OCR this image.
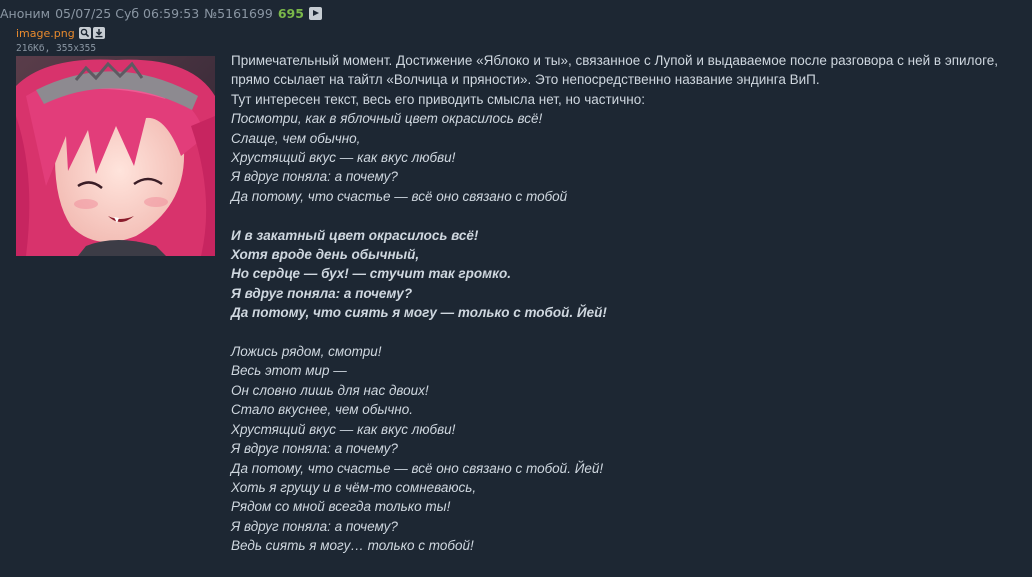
Аноним 05/07/25 Суб 06:59:53 №5161699 695
image.png
216Кб, 355x355

Примечательный момент. Достижение «Яблоко и ты», связанное с Лупой и выдаваемое после разговора с ней в эпилоге, прямо ссылает на тайтл «Волчица и пряности». Это непосредственно название эндинга ВиП.

Тут интересен текст, весь его приводить смысла нет, но частично:

Посмотри, как в яблочный цвет окрасилось всё!
Слаще, чем обычно,
Хрустящий вкус — как вкус любви!
Я вдруг поняла: а почему?
Да потому, что счастье — всё оно связано с тобой
И в закатный цвет окрасилось всё!
Хотя вроде день обычный,
Но сердце — бух! — стучит так громко.
Я вдруг поняла: а почему?
Да потому, что сиять я могу — только с тобой. Йей!
Ложись рядом, смотри!
Весь этот мир —
Он словно лишь для нас двоих!
Стало вкуснее, чем обычно.
Хрустящий вкус — как вкус любви!
Я вдруг поняла: а почему?
Да потому, что счастье — всё оно связано с тобой. Йей!
Хоть я грущу и в чём-то сомневаюсь,
Рядом со мной всегда только ты!
Я вдруг поняла: а почему?
Ведь сиять я могу… только с тобой!
